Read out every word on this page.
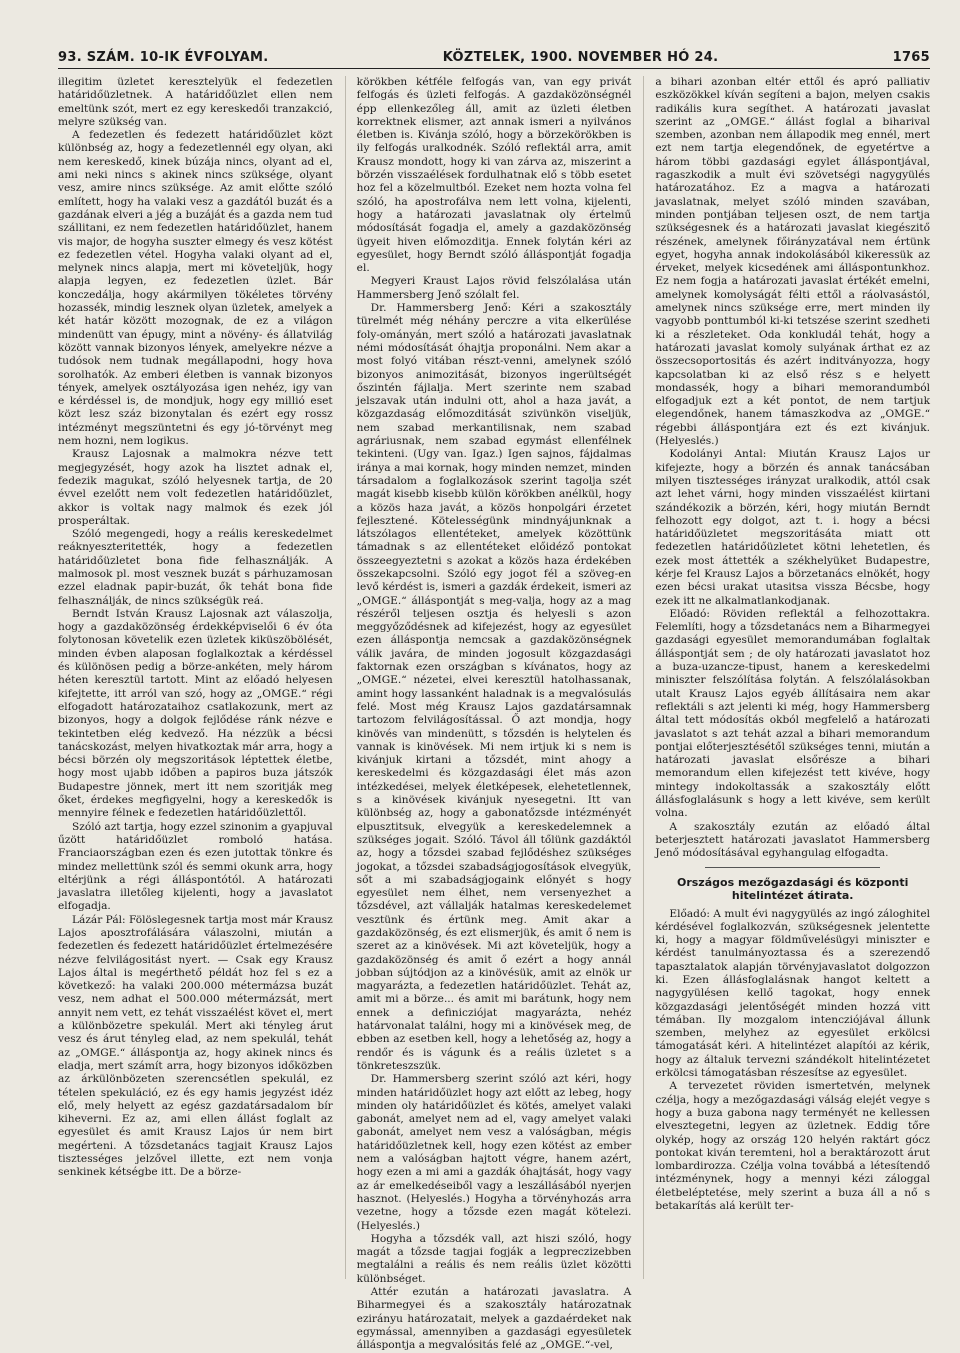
93. SZÁM. 10-IK ÉVFOLYAM.	KÖZTELEK, 1900. NOVEMBER HÓ 24.	1765

illegitim üzletet keresztelyük el fedezetlen határidőüzletnek. A határidőüzlet ellen nem emeltünk szót, mert ez egy kereskedői tranzakció, melyre szükség van.

A fedezetlen és fedezett határidőüzlet közt különbség az, hogy a fedezetlennél egy olyan, aki nem kereskedő, kinek búzája nincs, olyant ad el, ami neki nincs s akinek nincs szüksége, olyant vesz, amire nincs szüksége. Az amit előtte szóló említett, hogy ha valaki vesz a gazdától buzát és a gazdának elveri a jég a buzáját és a gazda nem tud szállitani, ez nem fedezetlen határidőüzlet, hanem vis major, de hogyha suszter elmegy és vesz kötést ez fedezetlen vétel. Hogyha valaki olyant ad el, melynek nincs alapja, mert mi követeljük, hogy alapja legyen, ez fedezetlen üzlet. Bár konczedálja, hogy akármilyen tökéletes törvény hozassék, mindig lesznek olyan üzletek, amelyek a két határ között mozognak, de ez a világon mindenütt van épugy, mint a növény- és állatvilág között vannak bizonyos lények, amelyekre nézve a tudósok nem tudnak megállapodni, hogy hova sorolhatók. Az emberi életben is vannak bizonyos tények, amelyek osztályozása igen nehéz, igy van e kérdéssel is, de mondjuk, hogy egy millió eset közt lesz száz bizonytalan és ezért egy rossz intézményt megszüntetni és egy jó-törvényt meg nem hozni, nem logikus.

Krausz Lajosnak a malmokra nézve tett megjegyzését, hogy azok ha lisztet adnak el, fedezik magukat, szóló helyesnek tartja, de 20 évvel ezelőtt nem volt fedezetlen határidőüzlet, akkor is voltak nagy malmok és ezek jól prosperáltak.

Szóló megengedi, hogy a reális kereskedelmet reáknyeszteritették, hogy a fedezetlen határidőüzletet bona fide felhasználják. A malmosok pl. most vesznek buzát s párhuzamosan ezzel eladnak papir-buzát, ők tehát bona fide felhasználják, de nincs szükségük reá.

Berndt István Krausz Lajosnak azt válaszolja, hogy a gazdaközönség érdekképviselői 6 év óta folytonosan követelik ezen üzletek kiküszöbölését, minden évben alaposan foglalkoztak a kérdéssel és különösen pedig a börze-ankéten, mely három héten keresztül tartott. Mint az előadó helyesen kifejtette, itt arról van szó, hogy az „OMGE.“ régi elfogadott határozataihoz csatlakozunk, mert az bizonyos, hogy a dolgok fejlődése ránk nézve e tekintetben elég kedvező. Ha nézzük a bécsi tanácskozást, melyen hivatkoztak már arra, hogy a bécsi börzén oly megszoritások léptettek életbe, hogy most ujabb időben a papiros buza játszók Budapestre jönnek, mert itt nem szoritják meg őket, érdekes megfigyelni, hogy a kereskedők is mennyire félnek e fedezetlen határidőüzlettől.

Szóló azt tartja, hogy ezzel szinonim a gyapjuval űzött határidőüzlet romboló hatása. Franciaországban ezen és ezen jutottak tönkre és mindez mellettünk szól és semmi okunk arra, hogy eltérjünk a régi álláspontótól. A határozati javaslatra illetőleg kijelenti, hogy a javaslatot elfogadja.

Lázár Pál: Fölöslegesnek tartja most már Krausz Lajos aposztrofálására válaszolni, miután a fedezetlen és fedezett határidőüzlet értelmezésére nézve felvilágositást nyert. — Csak egy Krausz Lajos által is megérthető példát hoz fel s ez a következő: ha valaki 200.000 métermázsa buzát vesz, nem adhat el 500.000 métermázsát, mert annyit nem vett, ez tehát visszaélést követ el, mert a különbözetre spekulál. Mert aki tényleg árut vesz és árut tényleg elad, az nem spekulál, tehát az „OMGE.“ álláspontja az, hogy akinek nincs és eladja, mert számít arra, hogy bizonyos időközben az árkülönbözeten szerencsétlen spekulál, ez tételen spekuláció, ez és egy hamis jegyzést idéz elő, mely helyett az egész gazdatársadalom bír kiheverni. Ez az, ami ellen állást foglalt az egyesület és amit Krausz Lajos úr nem birt megérteni. A tőzsdetanács tagjait Krausz Lajos tisztességes jelzővel illette, ezt nem vonja senkinek kétségbe itt. De a börze-

körökben kétféle felfogás van, van egy privát felfogás és üzleti felfogás. A gazdaközönségnél épp ellenkezőleg áll, amit az üzleti életben korrektnek elismer, azt annak ismeri a nyilvános életben is. Kivánja szóló, hogy a börzekörökben is ily felfogás uralkodnék. Szóló reflektál arra, amit Krausz mondott, hogy ki van zárva az, miszerint a börzén visszaélések fordulhatnak elő s több esetet hoz fel a közelmultból. Ezeket nem hozta volna fel szóló, ha apostrofálva nem lett volna, kijelenti, hogy a határozati javaslatnak oly értelmű módosítását fogadja el, amely a gazdaközönség ügyeit hiven előmozditja. Ennek folytán kéri az egyesület, hogy Berndt szóló álláspontját fogadja el.

Megyeri Kraust Lajos rövid felszólalása után Hammersberg Jenő szólalt fel.

Dr. Hammersberg Jenő: Kéri a szakosztály türelmét még néhány perczre a vita elkerülése foly-ományán, mert szóló a határozati javaslatnak némi módosítását óhajtja proponálni. Nem akar a most folyó vitában részt-venni, amelynek szóló bizonyos animozitását, bizonyos ingerültségét őszintén fájlalja. Mert szerinte nem szabad jelszavak után indulni ott, ahol a haza javát, a közgazdaság előmozditását szivünkön viseljük, nem szabad merkantilisnak, nem szabad agráriusnak, nem szabad egymást ellenfélnek tekinteni. (Ugy van. Igaz.) Igen sajnos, fájdalmas iránya a mai kornak, hogy minden nemzet, minden társadalom a foglalkozások szerint tagolja szét magát kisebb kisebb külön körökben anélkül, hogy a közös haza javát, a közös honpolgári érzetet fejlesztené. Kötelességünk mindnyájunknak a látszólagos ellentéteket, amelyek közöttünk támadnak s az ellentéteket előidéző pontokat összeegyeztetni s azokat a közös haza érdekében összekapcsolni. Szóló egy jogot fél a szöveg-en levő kérdést is, ismeri a gazdák érdekeit, ismeri az „OMGE.“ álláspontját s meg-valja, hogy az a mag részéről teljesen osztja és helyesli s azon meggyőződésnek ad kifejezést, hogy az egyesület ezen álláspontja nemcsak a gazdaközönségnek válik javára, de minden jogosult közgazdasági faktornak ezen országban s kívánatos, hogy az „OMGE.“ nézetei, elvei keresztül hatolhassanak, amint hogy lassanként haladnak is a megvalósulás felé. Most még Krausz Lajos gazdatársamnak tartozom felvilágosítással. Ő azt mondja, hogy kinövés van mindenütt, s tőzsdén is helytelen és vannak is kinövések. Mi nem irtjuk ki s nem is kivánjuk kirtani a tőzsdét, mint ahogy a kereskedelmi és közgazdasági élet más azon intézkedései, melyek életképesek, elehetetlennek, s a kinövések kivánjuk nyesegetni. Itt van különbség az, hogy a gabonatőzsde intézményét elpusztitsuk, elvegyük a kereskedelemnek a szükséges jogait. Szóló. Távol áll tőlünk gazdáktól az, hogy a tőzsdei szabad fejlődéshez szükséges jogokat, a tőzsdei szabadságjogosítások elvegyük, sőt a mi szabadságjogaink előnyét s hogy egyesület nem élhet, nem versenyezhet a tőzsdével, azt vállalják hatalmas kereskedelemet vesztünk és értünk meg. Amit akar a gazdaközönség, és ezt elismerjük, és amit ő nem is szeret az a kinövések. Mi azt követeljük, hogy a gazdaközönség és amit ő ezért a hogy annál jobban sújtódjon az a kinövésük, amit az elnök ur magyarázta, a fedezetlen határidőüzlet. Tehát az, amit mi a börze... és amit mi barátunk, hogy nem ennek a definicziójat magyarázta, nehéz határvonalat találni, hogy mi a kinövések meg, de ebben az esetben kell, hogy a lehetőség az, hogy a rendőr és is vágunk és a reális üzletet s a tönkreteszszük.

Dr. Hammersberg szerint szóló azt kéri, hogy minden határidőüzlet hogy azt előtt az lebeg, hogy minden oly határidőüzlet és kötés, amelyet valaki gabonát, amelyet nem ad el, vagy amelyet valaki gabonát, amelyet nem vesz a valóságban, mégis határidőüzletnek kell, hogy ezen kötést az ember nem a valóságban hajtott végre, hanem azért, hogy ezen a mi ami a gazdák óhajtását, hogy vagy az ár emelkedéseiből vagy a leszállásából nyerjen hasznot. (Helyeslés.) Hogyha a törvényhozás arra vezetne, hogy a tőzsde ezen magát kötelezi. (Helyeslés.)

Hogyha a tőzsdék vall, azt hiszi szóló, hogy magát a tőzsde tagjai fogják a legpreczizebben megtalálni a reális és nem reális üzlet közötti különbséget.

Attér ezután a határozati javaslatra. A Biharmegyei és a szakosztály határozatnak ezirányu határozatait, melyek a gazdaérdeket nak egymással, amennyiben a gazdasági egyesületek álláspontja a megvalósitás felé az „OMGE.“-vel,

a bihari azonban eltér ettől és apró palliativ eszközökkel kíván segíteni a bajon, melyen csakis radikális kura segíthet. A határozati javaslat szerint az „OMGE.“ állást foglal a biharival szemben, azonban nem állapodik meg ennél, mert ezt nem tartja elegendőnek, de egyetértve a három többi gazdasági egylet álláspontjával, ragaszkodik a mult évi szövetségi nagygyülés határozatához. Ez a magva a határozati javaslatnak, melyet szóló minden szavában, minden pontjában teljesen oszt, de nem tartja szükségesnek és a határozati javaslat kiegészitő részének, amelynek főirányzatával nem értünk egyet, hogyha annak indokolásából kikeressük az érveket, melyek kicsedének ami álláspontunkhoz. Ez nem fogja a határozati javaslat értékét emelni, amelynek komolyságát félti ettől a ráolvasástól, amelynek nincs szüksége erre, mert minden ily vagyobb ponttumból ki-ki tetszése szerint szedheti ki a részleteket. Oda konkludál tehát, hogy a határozati javaslat komoly sulyának árthat ez az összecsoportositás és azért inditványozza, hogy kapcsolatban ki az első rész s e helyett mondassék, hogy a bihari memorandumból elfogadjuk ezt a két pontot, de nem tartjuk elegendőnek, hanem támaszkodva az „OMGE.“ régebbi álláspontjára ezt és ezt kivánjuk. (Helyeslés.)

Kodolányi Antal: Miután Krausz Lajos ur kifejezte, hogy a börzén és annak tanácsában milyen tisztességes irányzat uralkodik, attól csak azt lehet várni, hogy minden visszaélést kiirtani szándékozik a börzén, kéri, hogy miután Berndt felhozott egy dolgot, azt t. i. hogy a bécsi határidőüzletet megszoritásáta miatt ott fedezetlen határidőüzletet kötni lehetetlen, és ezek most áttették a székhelyüket Budapestre, kérje fel Krausz Lajos a börzetanács elnökét, hogy ezen bécsi urakat utasitsa vissza Bécsbe, hogy ezek itt ne alkalmatlankodjanak.

Előadó: Röviden reflektál a felhozottakra. Felemlíti, hogy a tőzsdetanács nem a Biharmegyei gazdasági egyesület memorandumában foglaltak álláspontját sem ; de oly határozati javaslatot hoz a buza-uzancze-tipust, hanem a kereskedelmi miniszter felszólítása folytán. A felszólalásokban utalt Krausz Lajos egyéb állításaira nem akar reflektáli s azt jelenti ki még, hogy Hammersberg által tett módosítás okból megfelelő a határozati javaslatot s azt tehát azzal a bihari memorandum pontjai előterjesztésétől szükséges tenni, miután a határozati javaslat elsőrésze a bihari memorandum ellen kifejezést tett kivéve, hogy mintegy indokoltassák a szakosztály előtt állásfoglalásunk s hogy a lett kivéve, sem került volna.

A szakosztály ezután az előadó által beterjesztett határozati javaslatot Hammersberg Jenő módosításával egyhangulag elfogadta.

Országos mezőgazdasági és központi hitelintézet átirata.

Előadó: A mult évi nagygyülés az ingó záloghitel kérdésével foglalkozván, szükségesnek jelentette ki, hogy a magyar földművelésügyi miniszter e kérdést tanulmányoztassa és a szerezendő tapasztalatok alapján törvényjavaslatot dolgozzon ki. Ezen állásfoglalásnak hangot keltett a nagygyülésen kellő tagokat, hogy ennek közgazdasági jelentőségét minden hozzá vitt témában. Ily mozgalom intencziójával állunk szemben, melyhez az egyesület erkölcsi támogatását kéri. A hitelintézet alapítói az kérik, hogy az általuk tervezni szándékolt hitelintézetet erkölcsi támogatásban részesítse az egyesület.

A tervezetet röviden ismertetvén, melynek czélja, hogy a mezőgazdasági válság elejét vegye s hogy a buza gabona nagy terményét ne kellessen elvesztegetni, legyen az üzletnek. Eddig tőre olykép, hogy az ország 120 helyén raktárt gócz pontokat kiván teremteni, hol a beraktározott árut lombardirozza. Czélja volna továbbá a létesítendő intézménynek, hogy a mennyi kézi záloggal életbeléptetése, mely szerint a buza áll a nő s betakarítás alá került ter-
